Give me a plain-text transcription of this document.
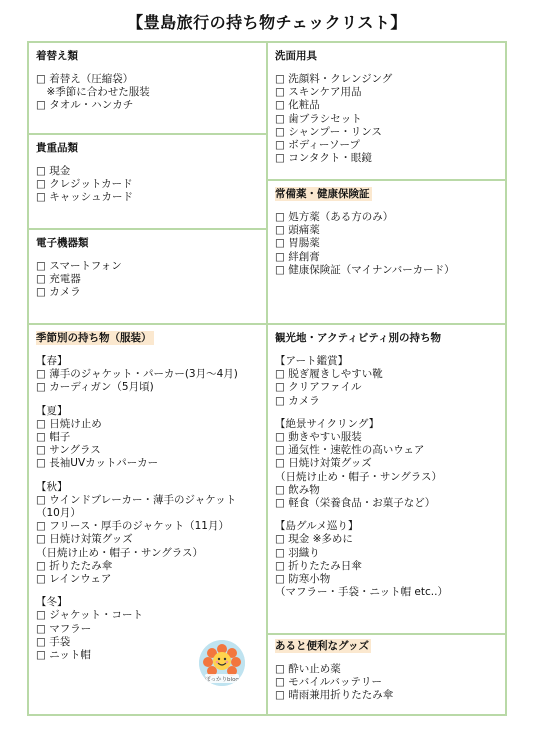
【豊島旅行の持ち物チェックリスト】
着替え類
□ 着替え（圧縮袋）
　※季節に合わせた服装
□ タオル・ハンカチ
貴重品類
□ 現金
□ クレジットカード
□ キャッシュカード
電子機器類
□ スマートフォン
□ 充電器
□ カメラ
洗面用具
□ 洗顔料・クレンジング
□ スキンケア用品
□ 化粧品
□ 歯ブラシセット
□ シャンプー・リンス
□ ボディーソープ
□ コンタクト・眼鏡
常備薬・健康保険証
□ 処方薬（ある方のみ）
□ 頭痛薬
□ 胃腸薬
□ 絆創膏
□ 健康保険証（マイナンバーカード）
季節別の持ち物（服装）
【春】
□ 薄手のジャケット・パーカー(3月〜4月)
□ カーディガン（5月頃)
【夏】
□ 日焼け止め
□ 帽子
□ サングラス
□ 長袖UVカットパーカー
【秋】
□ ウインドブレーカー・薄手のジャケット
（10月）
□ フリース・厚手のジャケット（11月）
□ 日焼け対策グッズ
（日焼け止め・帽子・サングラス）
□ 折りたたみ傘
□ レインウェア
【冬】
□ ジャケット・コート
□ マフラー
□ 手袋
□ ニット帽
観光地・アクティビティ別の持ち物
【アート鑑賞】
□ 脱ぎ履きしやすい靴
□ クリアファイル
□ カメラ
【絶景サイクリング】
□ 動きやすい服装
□ 通気性・速乾性の高いウェア
□ 日焼け対策グッズ
（日焼け止め・帽子・サングラス）
□ 飲み物
□ 軽食（栄養食品・お菓子など）
【島グルメ巡り】
□ 現金 ※多めに
□ 羽織り
□ 折りたたみ日傘
□ 防寒小物
（マフラー・手袋・ニット帽 etc..）
あると便利なグッズ
□ 酔い止め薬
□ モバイルバッテリー
□ 晴雨兼用折りたたみ傘
ぽっかりblog
